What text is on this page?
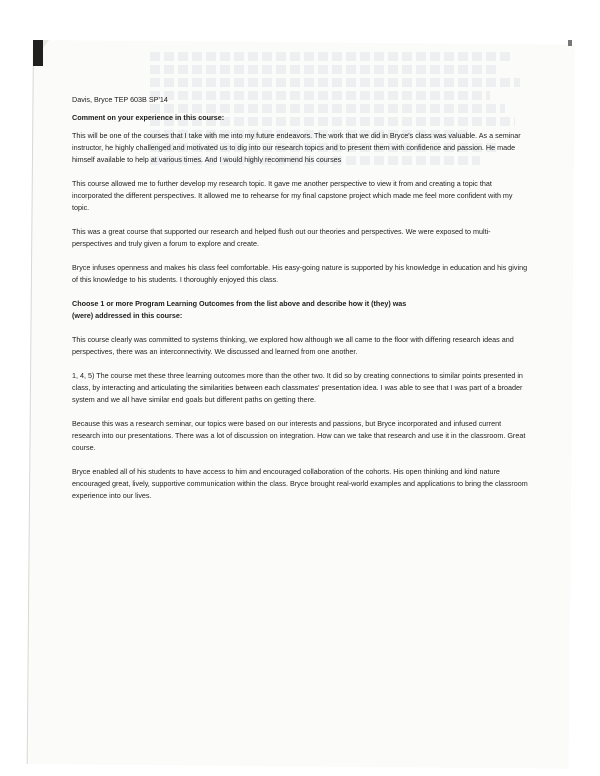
Davis, Bryce TEP 603B SP'14
Comment on your experience in this course:

This will be one of the courses that I take with me into my future endeavors. The work that we did in Bryce's class was valuable. As a seminar instructor, he highly challenged and motivated us to dig into our research topics and to present them with confidence and passion. He made himself available to help at various times. And I would highly recommend his courses

This course allowed me to further develop my research topic. It gave me another perspective to view it from and creating a topic that incorporated the different perspectives. It allowed me to rehearse for my final capstone project which made me feel more confident with my topic.

This was a great course that supported our research and helped flush out our theories and perspectives. We were exposed to multi-perspectives and truly given a forum to explore and create.

Bryce infuses openness and makes his class feel comfortable. His easy-going nature is supported by his knowledge in education and his giving of this knowledge to his students. I thoroughly enjoyed this class.

Choose 1 or more Program Learning Outcomes from the list above and describe how it (they) was
(were) addressed in this course:

This course clearly was committed to systems thinking, we explored how although we all came to the floor with differing research ideas and perspectives, there was an interconnectivity. We discussed and learned from one another.

1, 4, 5) The course met these three learning outcomes more than the other two. It did so by creating connections to similar points presented in class, by interacting and articulating the similarities between each classmates' presentation idea. I was able to see that I was part of a broader system and we all have similar end goals but different paths on getting there.

Because this was a research seminar, our topics were based on our interests and passions, but Bryce incorporated and infused current research into our presentations. There was a lot of discussion on integration. How can we take that research and use it in the classroom. Great course.

Bryce enabled all of his students to have access to him and encouraged collaboration of the cohorts. His open thinking and kind nature encouraged great, lively, supportive communication within the class. Bryce brought real-world examples and applications to bring the classroom experience into our lives.
